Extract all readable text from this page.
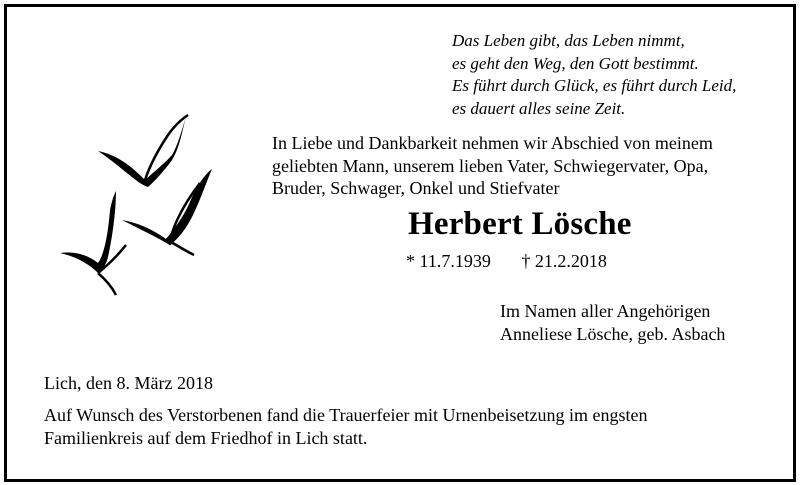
Das Leben gibt, das Leben nimmt,
es geht den Weg, den Gott bestimmt.
Es führt durch Glück, es führt durch Leid,
es dauert alles seine Zeit.
In Liebe und Dankbarkeit nehmen wir Abschied von meinem
geliebten Mann, unserem lieben Vater, Schwiegervater, Opa,
Bruder, Schwager, Onkel und Stiefvater
Herbert Lösche
* 11.7.1939 † 21.2.2018
Im Namen aller Angehörigen
Anneliese Lösche, geb. Asbach
Lich, den 8. März 2018
Auf Wunsch des Verstorbenen fand die Trauerfeier mit Urnenbeisetzung im engsten
Familienkreis auf dem Friedhof in Lich statt.
